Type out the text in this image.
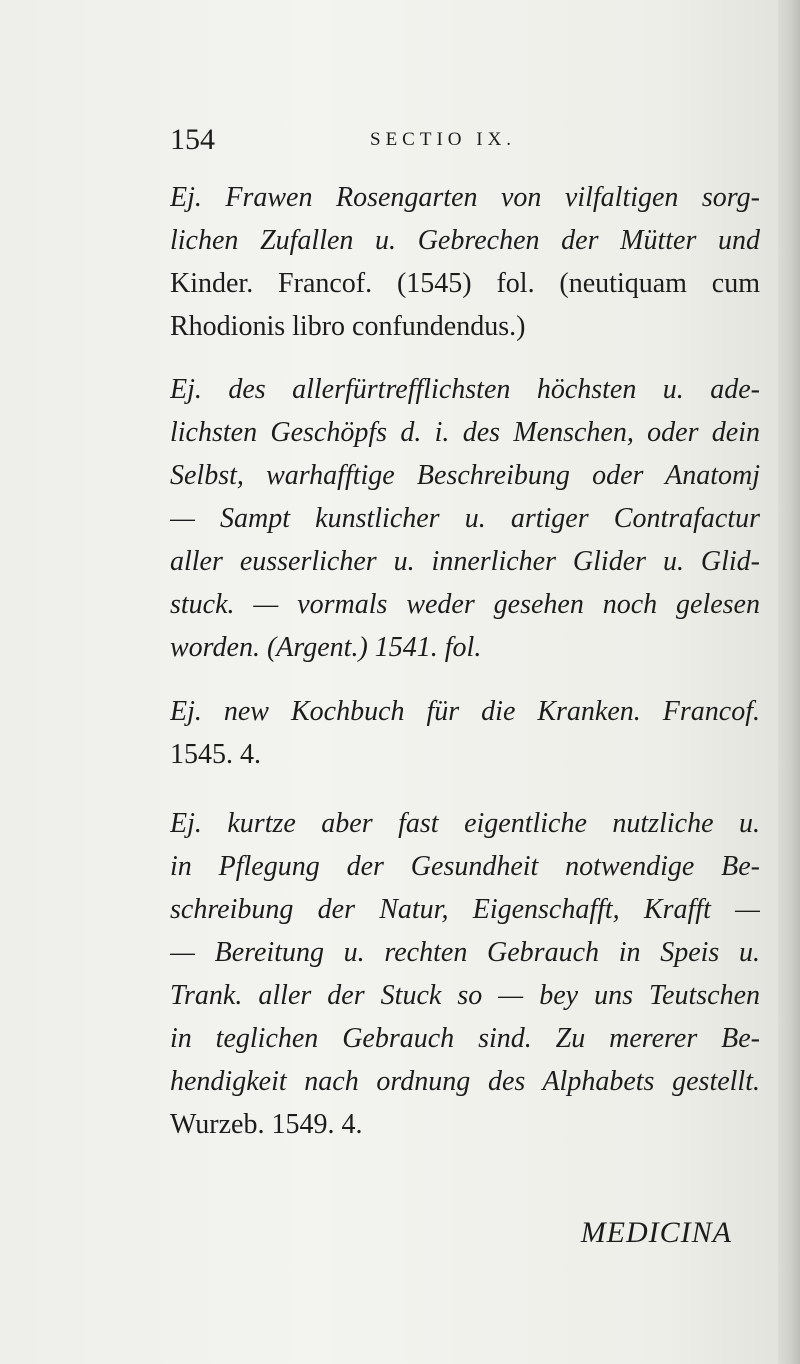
154	SECTIO IX.
Ej. Frawen Rosengarten von vilfaltigen sorg-
lichen Zufallen u. Gebrechen der Mütter und
Kinder. Francof. (1545) fol. (neutiquam cum
Rhodionis libro confundendus.)
Ej. des allerfürtrefflichsten höchsten u. ade-
lichsten Geschöpfs d. i. des Menschen, oder dein
Selbst, warhafftige Beschreibung oder Anatomj
— Sampt kunstlicher u. artiger Contrafactur
aller eusserlicher u. innerlicher Glider u. Glid-
stuck. — vormals weder gesehen noch gelesen
worden. (Argent.) 1541. fol.
Ej. new Kochbuch für die Kranken. Francof.
1545. 4.
Ej. kurtze aber fast eigentliche nutzliche u.
in Pflegung der Gesundheit notwendige Be-
schreibung der Natur, Eigenschafft, Krafft —
— Bereitung u. rechten Gebrauch in Speis u.
Trank. aller der Stuck so — bey uns Teutschen
in teglichen Gebrauch sind. Zu mererer Be-
hendigkeit nach ordnung des Alphabets gestellt.
Wurzeb. 1549. 4.
MEDICINA
